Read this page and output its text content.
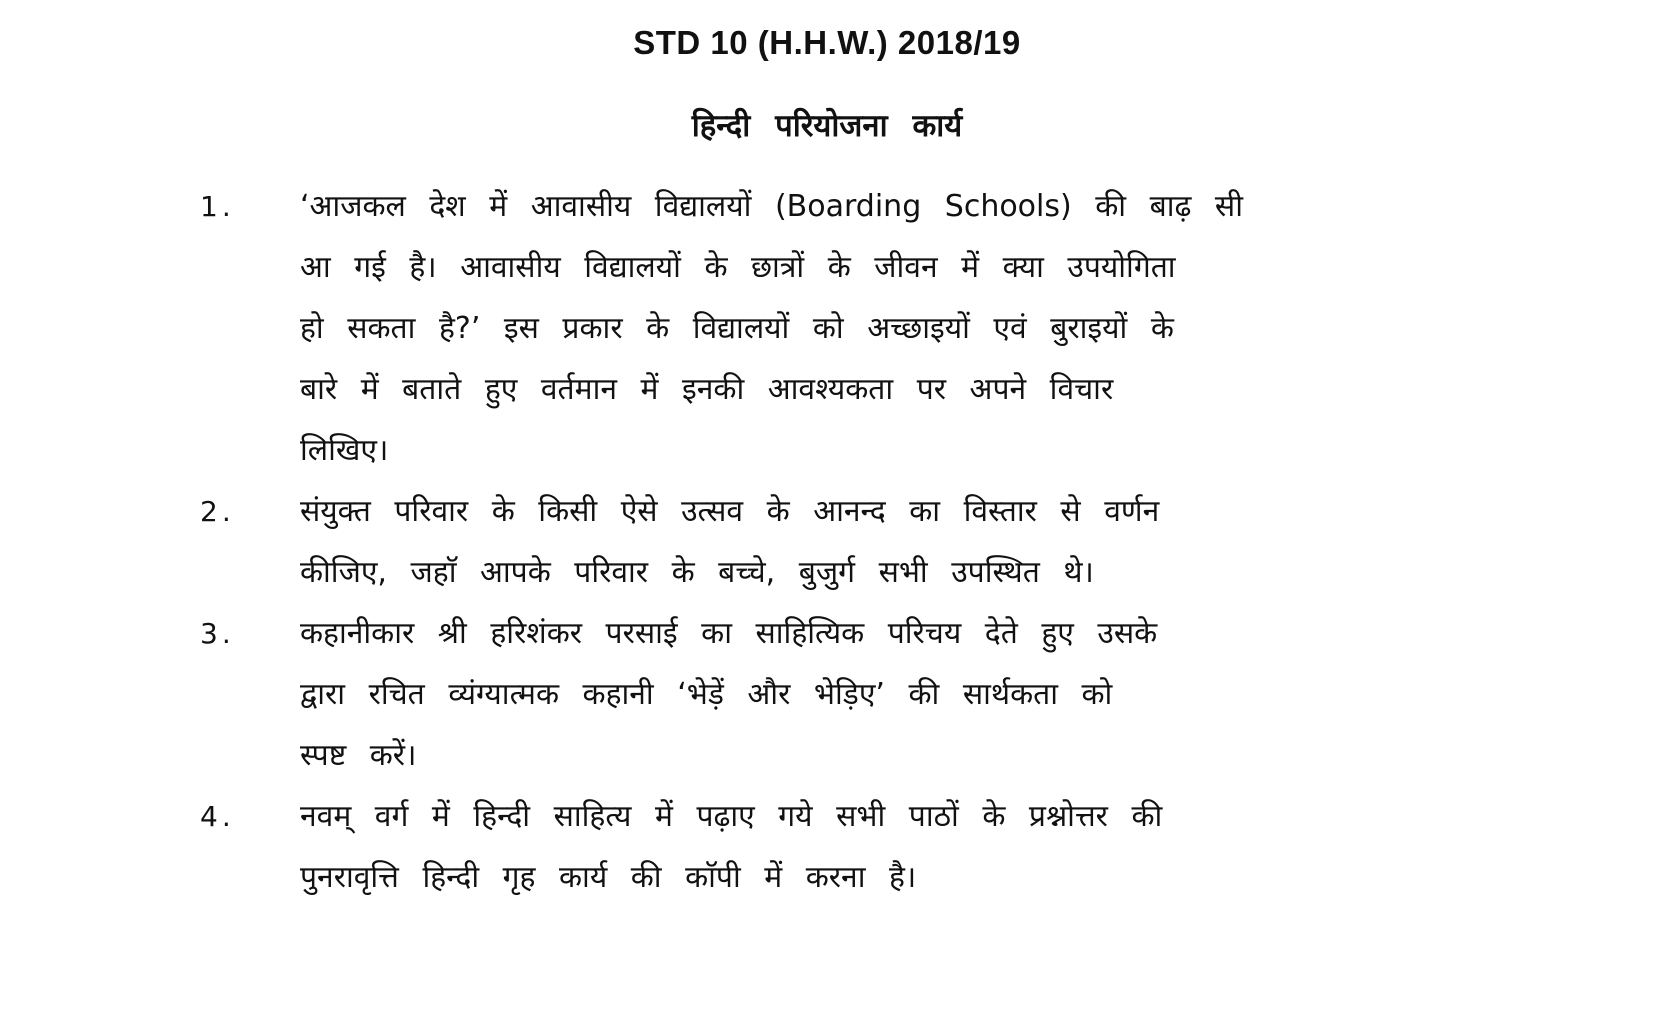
STD 10 (H.H.W.) 2018/19
हिन्दी परियोजना कार्य
1.	‘आजकल देश में आवासीय विद्यालयों (Boarding Schools) की बाढ़ सी
आ गई है। आवासीय विद्यालयों के छात्रों के जीवन में क्या उपयोगिता
हो सकता है?’ इस प्रकार के विद्यालयों को अच्छाइयों एवं बुराइयों के
बारे में बताते हुए वर्तमान में इनकी आवश्यकता पर अपने विचार
लिखिए।
2.	संयुक्त परिवार के किसी ऐसे उत्सव के आनन्द का विस्तार से वर्णन
कीजिए, जहाॅ आपके परिवार के बच्चे, बुजुर्ग सभी उपस्थित थे।
3.	कहानीकार श्री हरिशंकर परसाई का साहित्यिक परिचय देते हुए उसके
द्वारा रचित व्यंग्यात्मक कहानी ‘भेड़ें और भेड़िए’ की सार्थकता को
स्पष्ट करें।
4.	नवम् वर्ग में हिन्दी साहित्य में पढ़ाए गये सभी पाठों के प्रश्नोत्तर की
पुनरावृत्ति हिन्दी गृह कार्य की काॅपी में करना है।
